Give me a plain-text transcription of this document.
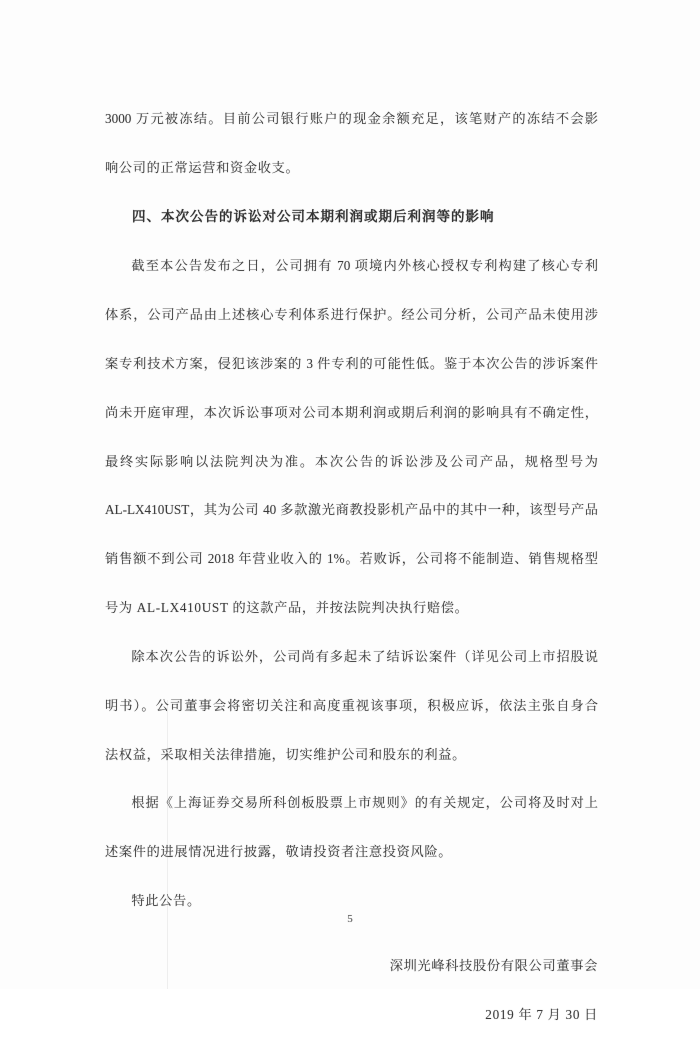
3000 万元被冻结。目前公司银行账户的现金余额充足，该笔财产的冻结不会影

响公司的正常运营和资金收支。

四、本次公告的诉讼对公司本期利润或期后利润等的影响

截至本公告发布之日，公司拥有 70 项境内外核心授权专利构建了核心专利

体系，公司产品由上述核心专利体系进行保护。经公司分析，公司产品未使用涉

案专利技术方案，侵犯该涉案的 3 件专利的可能性低。鉴于本次公告的涉诉案件

尚未开庭审理，本次诉讼事项对公司本期利润或期后利润的影响具有不确定性，

最终实际影响以法院判决为准。本次公告的诉讼涉及公司产品，规格型号为

AL-LX410UST，其为公司 40 多款激光商教投影机产品中的其中一种，该型号产品

销售额不到公司 2018 年营业收入的 1%。若败诉，公司将不能制造、销售规格型

号为 AL-LX410UST 的这款产品，并按法院判决执行赔偿。

除本次公告的诉讼外，公司尚有多起未了结诉讼案件（详见公司上市招股说

明书）。公司董事会将密切关注和高度重视该事项，积极应诉，依法主张自身合

法权益，采取相关法律措施，切实维护公司和股东的利益。

根据《上海证券交易所科创板股票上市规则》的有关规定，公司将及时对上

述案件的进展情况进行披露，敬请投资者注意投资风险。

特此公告。

深圳光峰科技股份有限公司董事会

2019 年 7 月 30 日

5
